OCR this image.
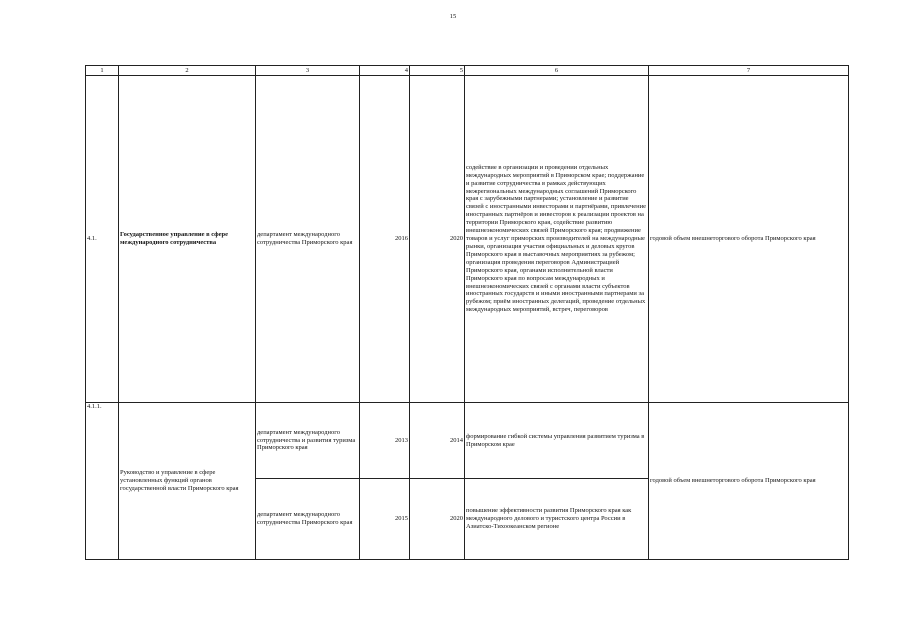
15
1	2	3	4	5	6	7
4.1.	Государственное управление в сфере международного сотрудничества	департамент международного сотрудничества Приморского края	2016	2020	содействие в организации и проведении отдельных международных мероприятий в Приморском крае; поддержание и развитие сотрудничества в рамках действующих межрегиональных международных соглашений Приморского края с зарубежными партнерами; установление и развитие связей с иностранными инвесторами и партнёрами, привлечение иностранных партнёров и инвесторов к реализации проектов на территории Приморского края, содействие развитию внешнеэкономических связей Приморского края; продвижение товаров и услуг приморских производителей на международные рынки, организация участия официальных и деловых кругов Приморского края в выставочных мероприятиях за рубежом; организация проведения переговоров Администрацией Приморского края, органами исполнительной власти Приморского края по вопросам международных и внешнеэкономических связей с органами власти субъектов иностранных государств и иными иностранными партнерами за рубежом; приём иностранных делегаций, проведение отдельных международных мероприятий, встреч, переговоров	годовой объем внешнеторгового оборота Приморского края
4.1.1.	Руководство и управление в сфере установленных функций органов государственной власти Приморского края	департамент международного сотрудничества и развития туризма Приморского края	2013	2014	формирование гибкой системы управления развитием туризма в Приморском крае	годовой объем внешнеторгового оборота Приморского края
		департамент международного сотрудничества Приморского края	2015	2020	повышение эффективности развития Приморского края как международного делового и туристского центра России в Азиатско-Тихоокеанском регионе	
